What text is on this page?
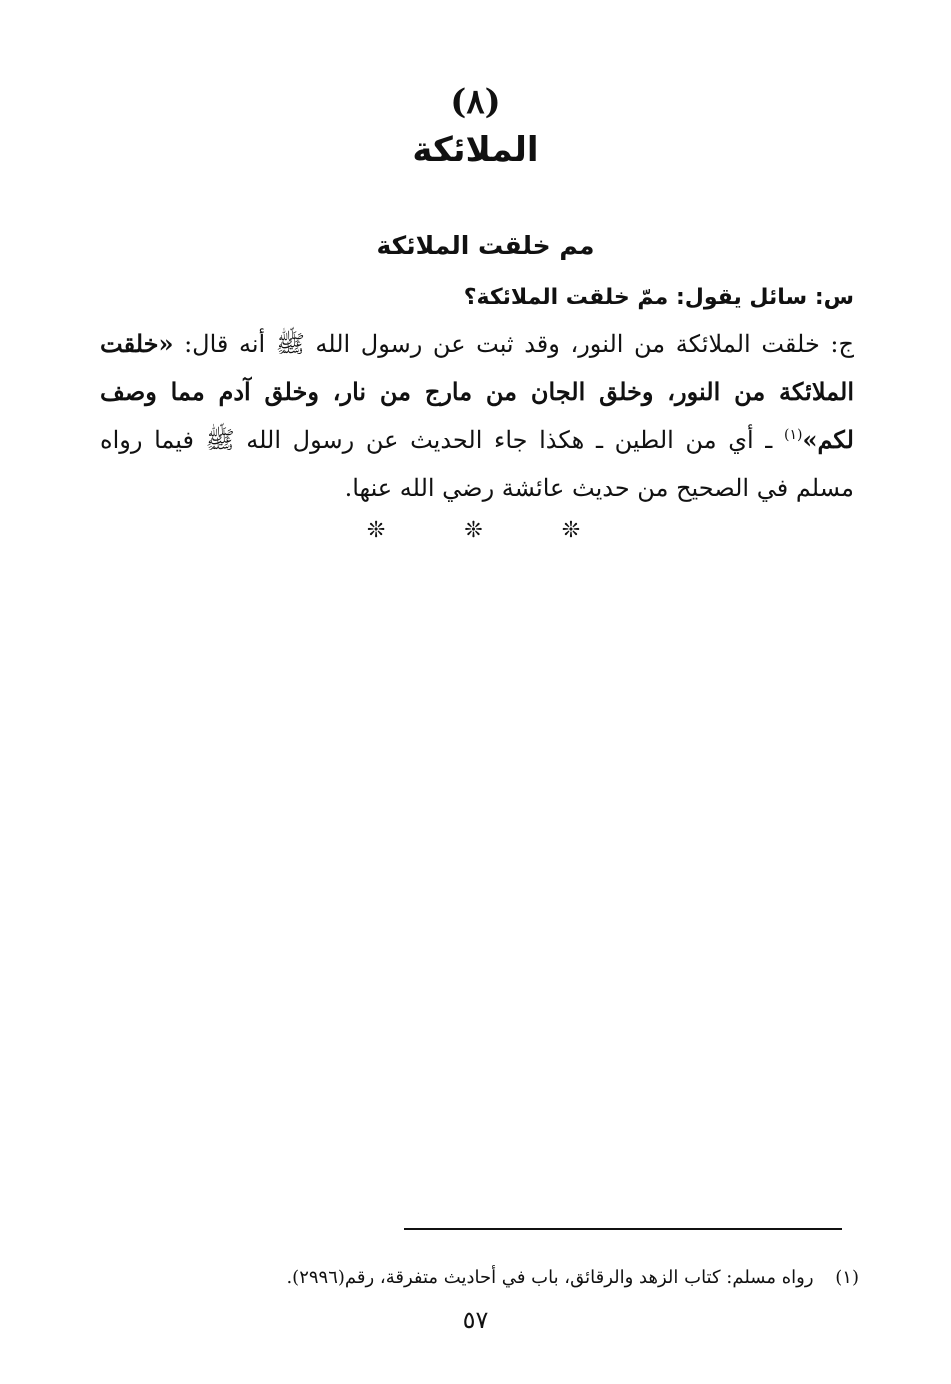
(٨)
الملائكة
مم خلقت الملائكة

س: سائل يقول: ممّ خلقت الملائكة؟

ج: خلقت الملائكة من النور، وقد ثبت عن رسول الله ﷺ أنه قال: «خلقت الملائكة من النور، وخلق الجان من مارج من نار، وخلق آدم مما وصف لكم»$^{(١)}$ ـ أي من الطين ـ هكذا جاء الحديث عن رسول الله ﷺ فيما رواه مسلم في الصحيح من حديث عائشة رضي الله عنها.

❊ ❊ ❊
(١) رواه مسلم: كتاب الزهد والرقائق، باب في أحاديث متفرقة، رقم(٢٩٩٦).
٥٧
